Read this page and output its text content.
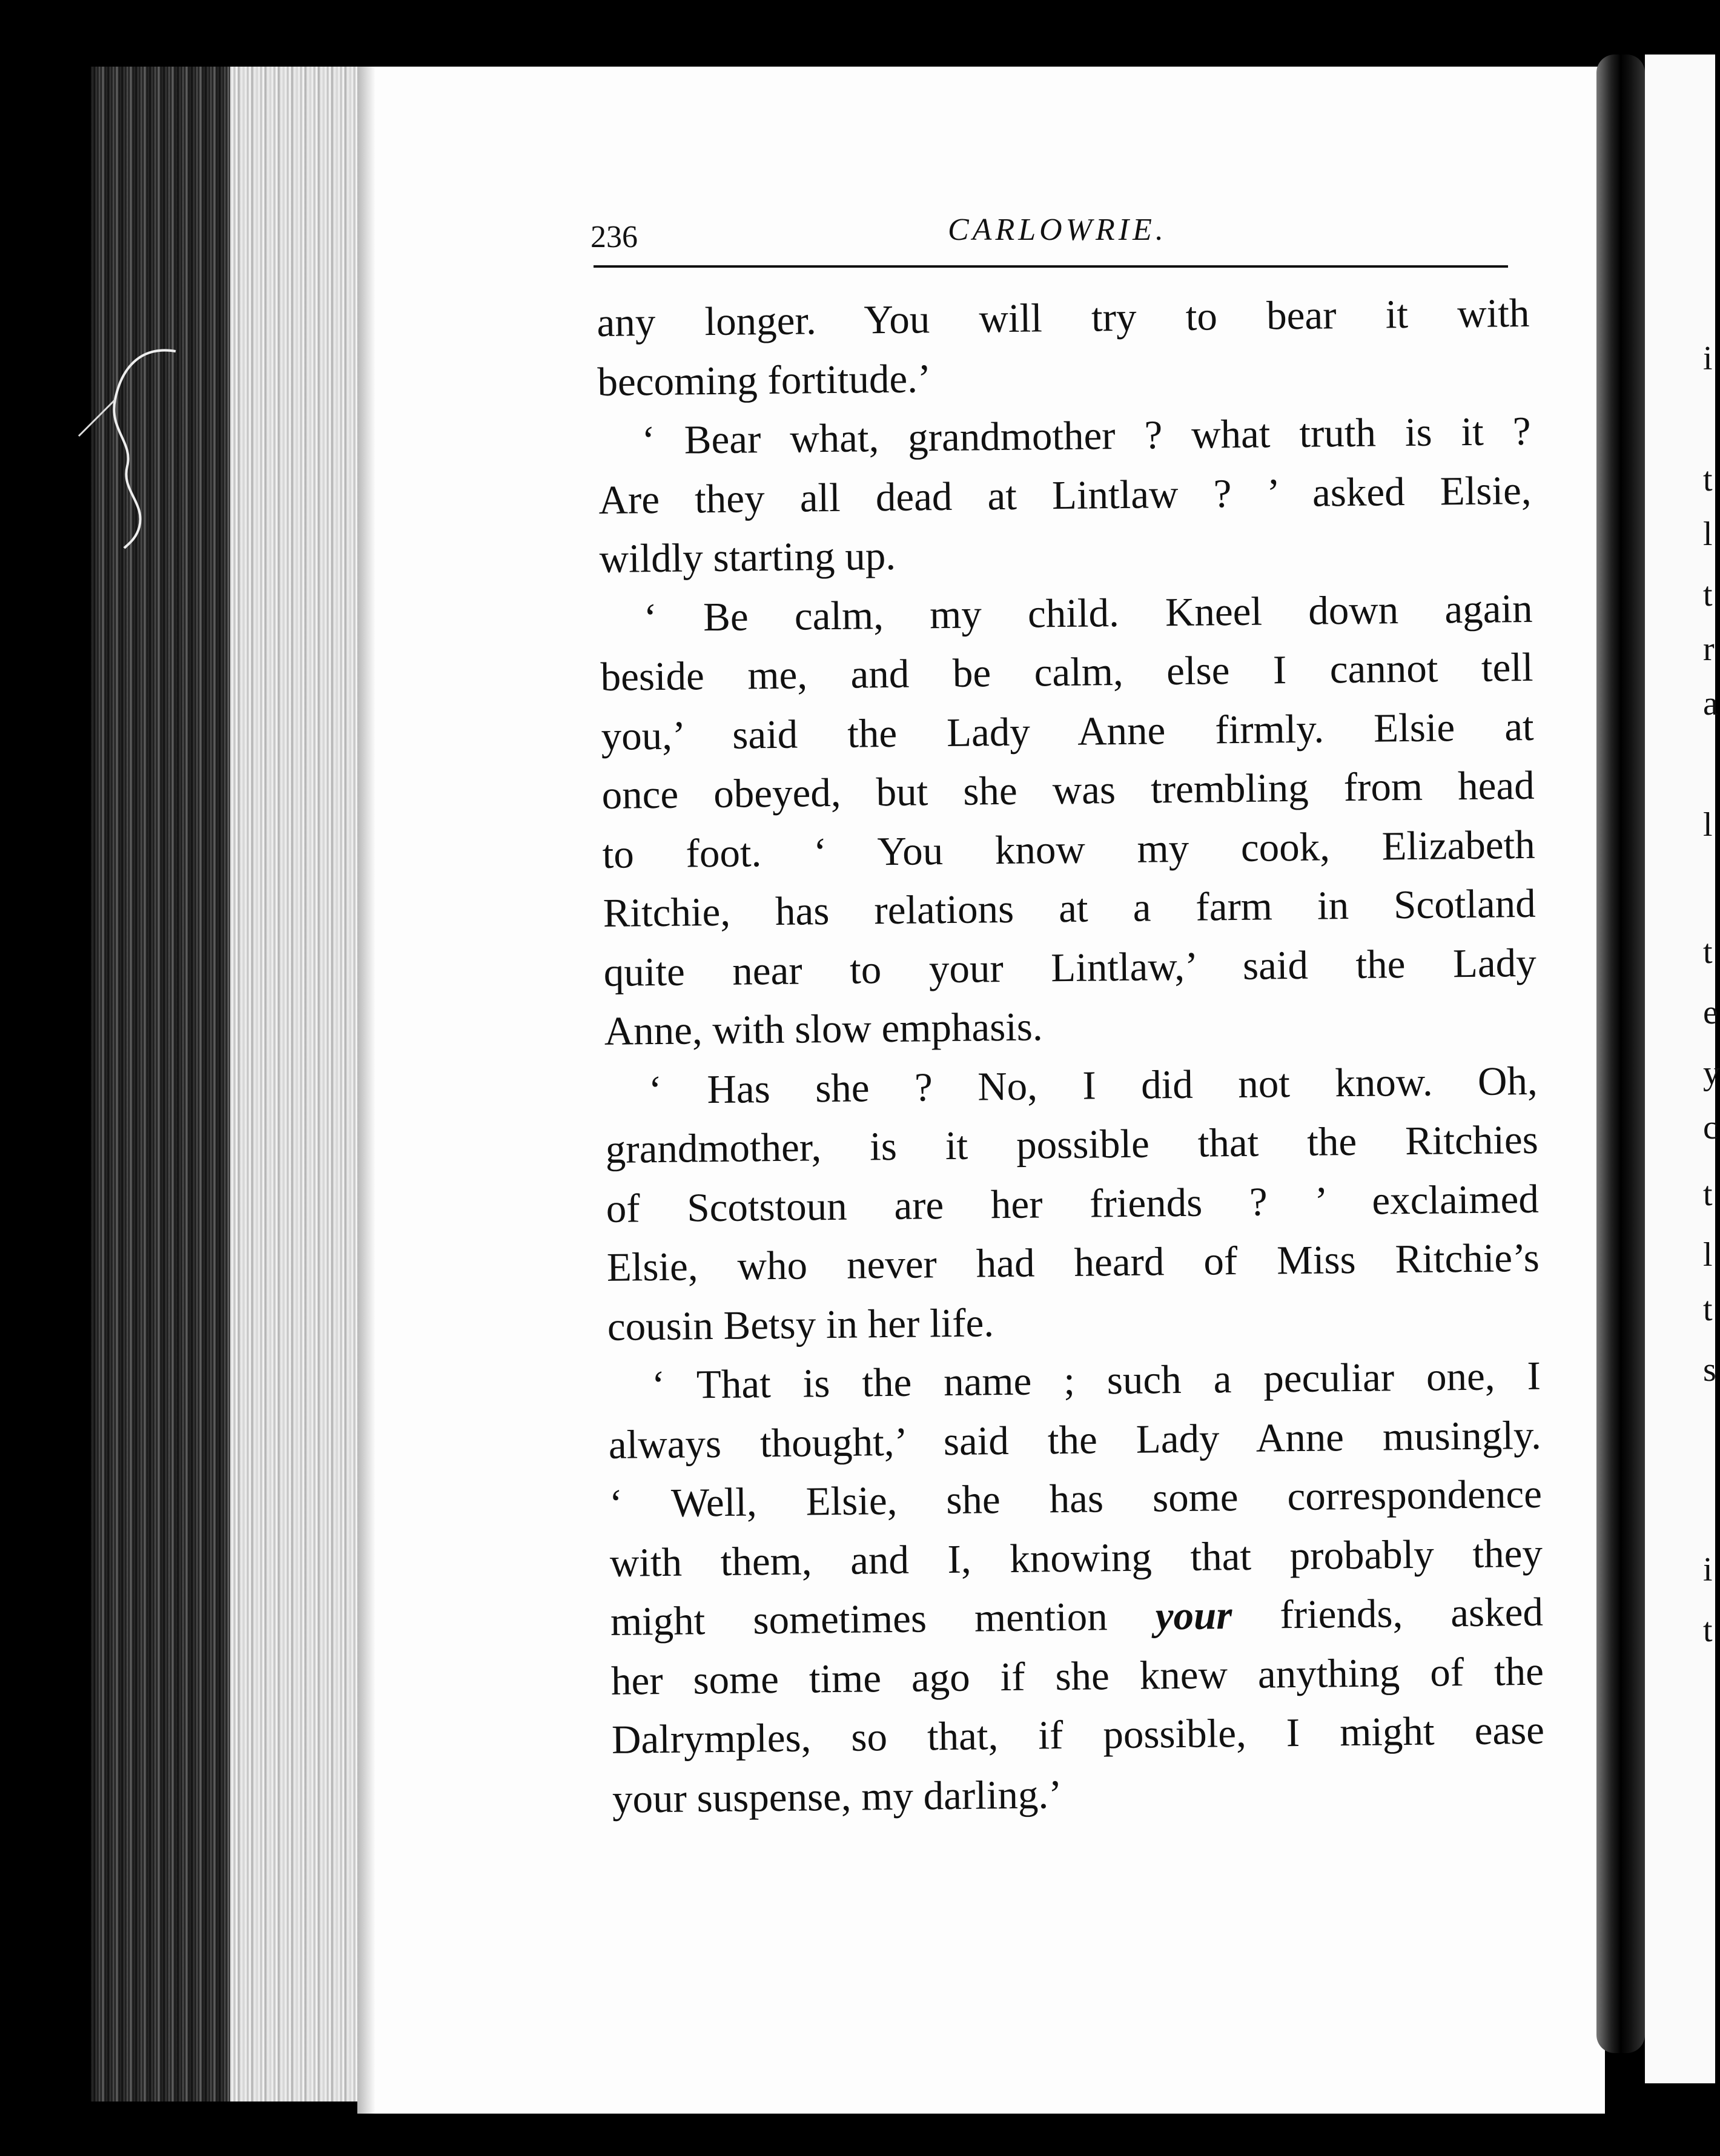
236	CARLOWRIE.
any longer. You will try to bear it with
becoming fortitude.’
‘ Bear what, grandmother ? what truth is it ?
Are they all dead at Lintlaw ? ’ asked Elsie,
wildly starting up.
‘ Be calm, my child. Kneel down again
beside me, and be calm, else I cannot tell
you,’ said the Lady Anne firmly. Elsie at
once obeyed, but she was trembling from head
to foot. ‘ You know my cook, Elizabeth
Ritchie, has relations at a farm in Scotland
quite near to your Lintlaw,’ said the Lady
Anne, with slow emphasis.
‘ Has she ? No, I did not know. Oh,
grandmother, is it possible that the Ritchies
of Scotstoun are her friends ? ’ exclaimed
Elsie, who never had heard of Miss Ritchie’s
cousin Betsy in her life.
‘ That is the name ; such a peculiar one, I
always thought,’ said the Lady Anne musingly.
‘ Well, Elsie, she has some correspondence
with them, and I, knowing that probably they
might sometimes mention your friends, asked
her some time ago if she knew anything of the
Dalrymples, so that, if possible, I might ease
your suspense, my darling.’
i
t
l
t
r
a
l
t
e
y
c
t
l
t
s
i
t
